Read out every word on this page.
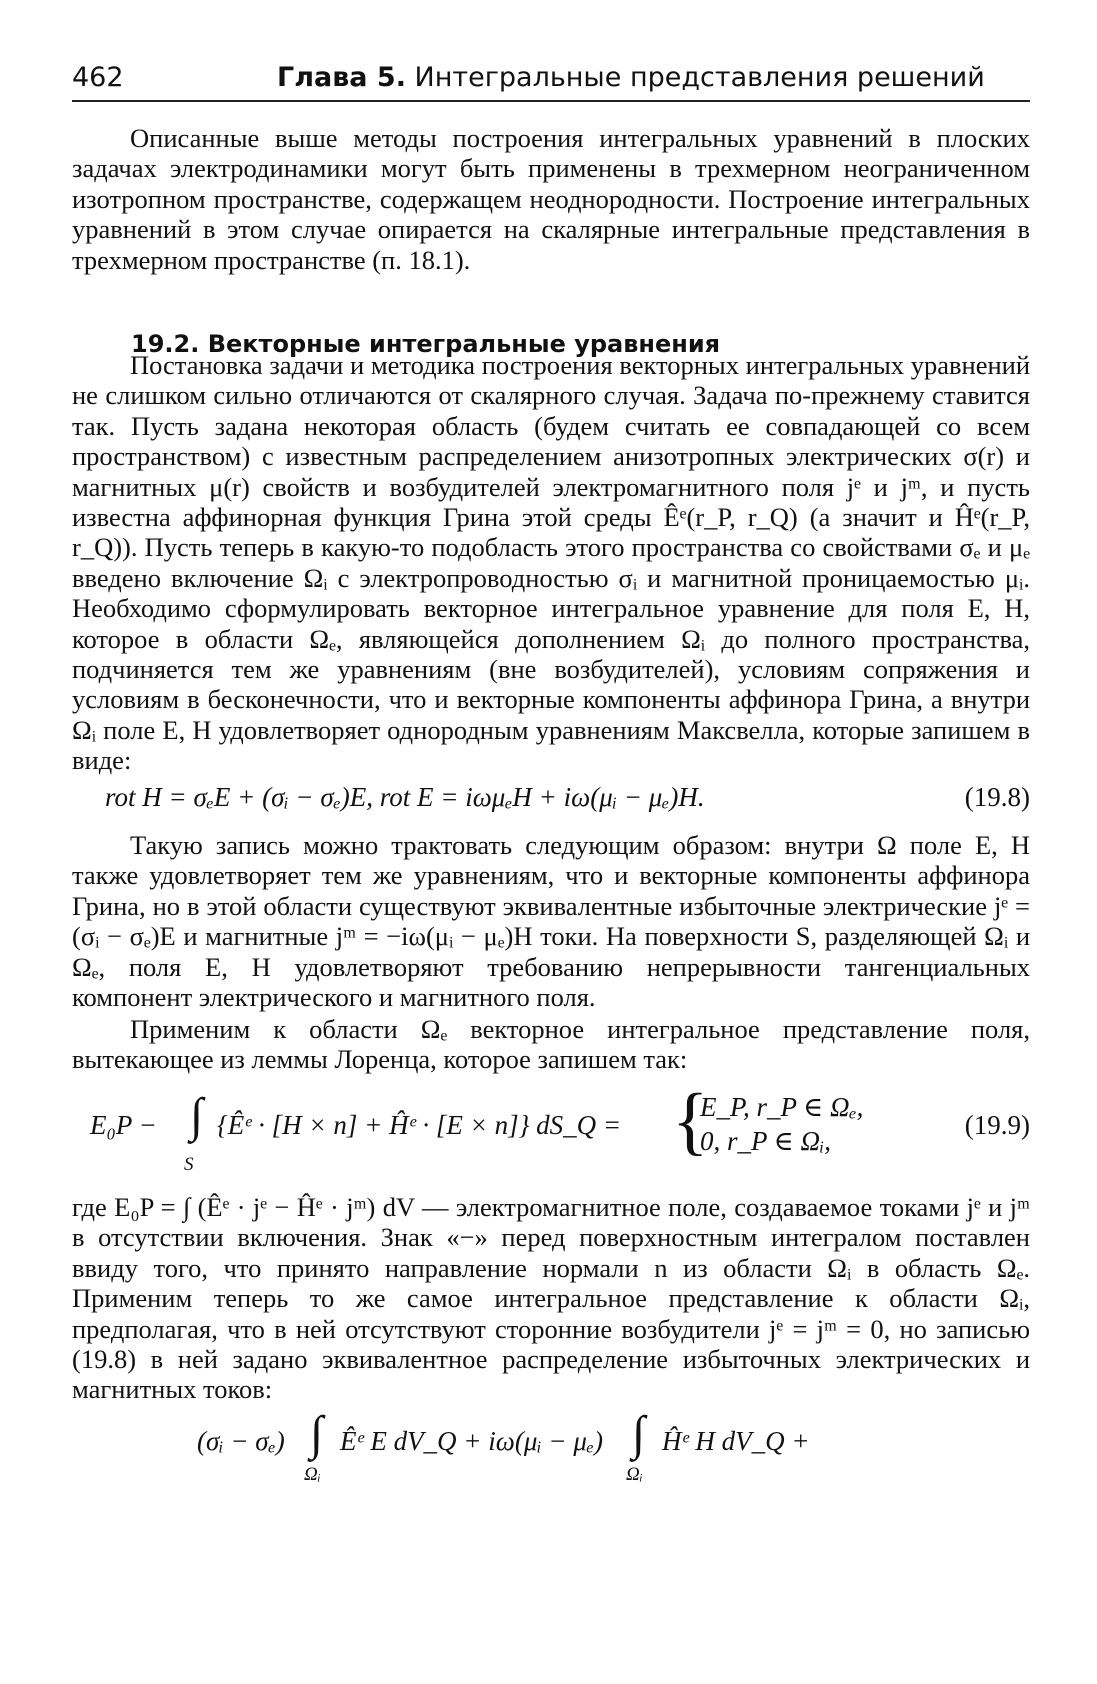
462	Глава 5. Интегральные представления решений

Описанные выше методы построения интегральных уравнений в плоских задачах электродинамики могут быть применены в трехмерном неограниченном изотропном пространстве, содержащем неоднородности. Построение интегральных уравнений в этом случае опирается на скалярные интегральные представления в трехмерном пространстве (п. 18.1).

19.2. Векторные интегральные уравнения

Постановка задачи и методика построения векторных интегральных уравнений не слишком сильно отличаются от скалярного случая. Задача по-прежнему ставится так. Пусть задана некоторая область (будем считать ее совпадающей со всем пространством) с известным распределением анизотропных электрических σ(r) и магнитных μ(r) свойств и возбудителей электромагнитного поля jᵉ и jᵐ, и пусть известна аффинорная функция Грина этой среды Êᵉ(r_P, r_Q) (а значит и Ĥᵉ(r_P, r_Q)). Пусть теперь в какую-то подобласть этого пространства со свойствами σₑ и μₑ введено включение Ωᵢ с электропроводностью σᵢ и магнитной проницаемостью μᵢ. Необходимо сформулировать векторное интегральное уравнение для поля E, H, которое в области Ωₑ, являющейся дополнением Ωᵢ до полного пространства, подчиняется тем же уравнениям (вне возбудителей), условиям сопряжения и условиям в бесконечности, что и векторные компоненты аффинора Грина, а внутри Ωᵢ поле E, H удовлетворяет однородным уравнениям Максвелла, которые запишем в виде:

rot H = σₑE + (σᵢ − σₑ)E, rot E = iωμₑH + iω(μᵢ − μₑ)H.	(19.8)

Такую запись можно трактовать следующим образом: внутри Ω поле E, H также удовлетворяет тем же уравнениям, что и векторные компоненты аффинора Грина, но в этой области существуют эквивалентные избыточные электрические jᵉ = (σᵢ − σₑ)E и магнитные jᵐ = −iω(μᵢ − μₑ)H токи. На поверхности S, разделяющей Ωᵢ и Ωₑ, поля E, H удовлетворяют требованию непрерывности тангенциальных компонент электрического и магнитного поля.

Применим к области Ωₑ векторное интегральное представление поля, вытекающее из леммы Лоренца, которое запишем так:

E₀P − ∫
S
{Êᵉ · [H × n] + Ĥᵉ · [E × n]} dS_Q = {
E_P, r_P ∈ Ωₑ,
0, r_P ∈ Ωᵢ,
(19.9)

где E₀P = ∫ (Êᵉ · jᵉ − Ĥᵉ · jᵐ) dV — электромагнитное поле, создаваемое токами jᵉ и jᵐ в отсутствии включения. Знак «−» перед поверхностным интегралом поставлен ввиду того, что принято направление нормали n из области Ωᵢ в область Ωₑ. Применим теперь то же самое интегральное представление к области Ωᵢ, предполагая, что в ней отсутствуют сторонние возбудители jᵉ = jᵐ = 0, но записью (19.8) в ней задано эквивалентное распределение избыточных электрических и магнитных токов:

(σᵢ − σₑ) ∫
Ωᵢ
Êᵉ E dV_Q + iω(μᵢ − μₑ) ∫
Ωᵢ
Ĥᵉ H dV_Q +
